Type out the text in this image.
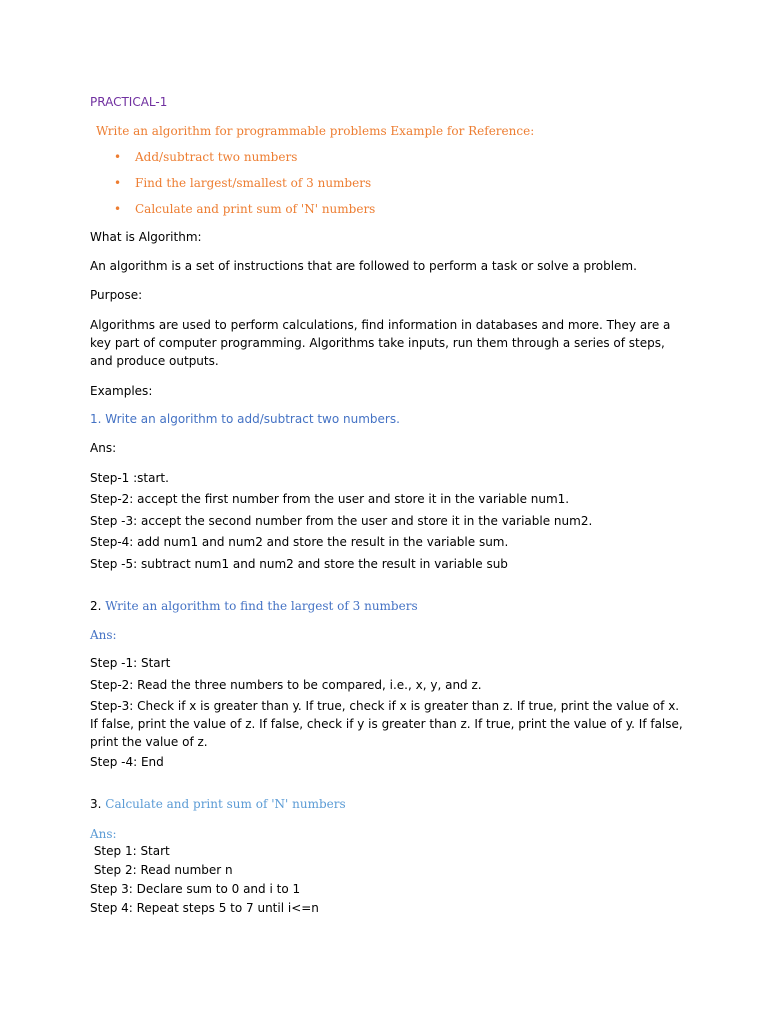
PRACTICAL-1
Write an algorithm for programmable problems Example for Reference:
• Add/subtract two numbers
• Find the largest/smallest of 3 numbers
• Calculate and print sum of 'N' numbers
What is Algorithm:
An algorithm is a set of instructions that are followed to perform a task or solve a problem.
Purpose:
Algorithms are used to perform calculations, find information in databases and more. They are a key part of computer programming. Algorithms take inputs, run them through a series of steps, and produce outputs.
Examples:
1. Write an algorithm to add/subtract two numbers.
Ans:
Step-1 :start.
Step-2: accept the first number from the user and store it in the variable num1.
Step -3: accept the second number from the user and store it in the variable num2.
Step-4: add num1 and num2 and store the result in the variable sum.
Step -5: subtract num1 and num2 and store the result in variable sub
2. Write an algorithm to find the largest of 3 numbers
Ans:
Step -1: Start
Step-2: Read the three numbers to be compared, i.e., x, y, and z.
Step-3: Check if x is greater than y. If true, check if x is greater than z. If true, print the value of x. If false, print the value of z. If false, check if y is greater than z. If true, print the value of y. If false, print the value of z.
Step -4: End
3. Calculate and print sum of 'N' numbers
Ans:
Step 1: Start
Step 2: Read number n
Step 3: Declare sum to 0 and i to 1
Step 4: Repeat steps 5 to 7 until i<=n
